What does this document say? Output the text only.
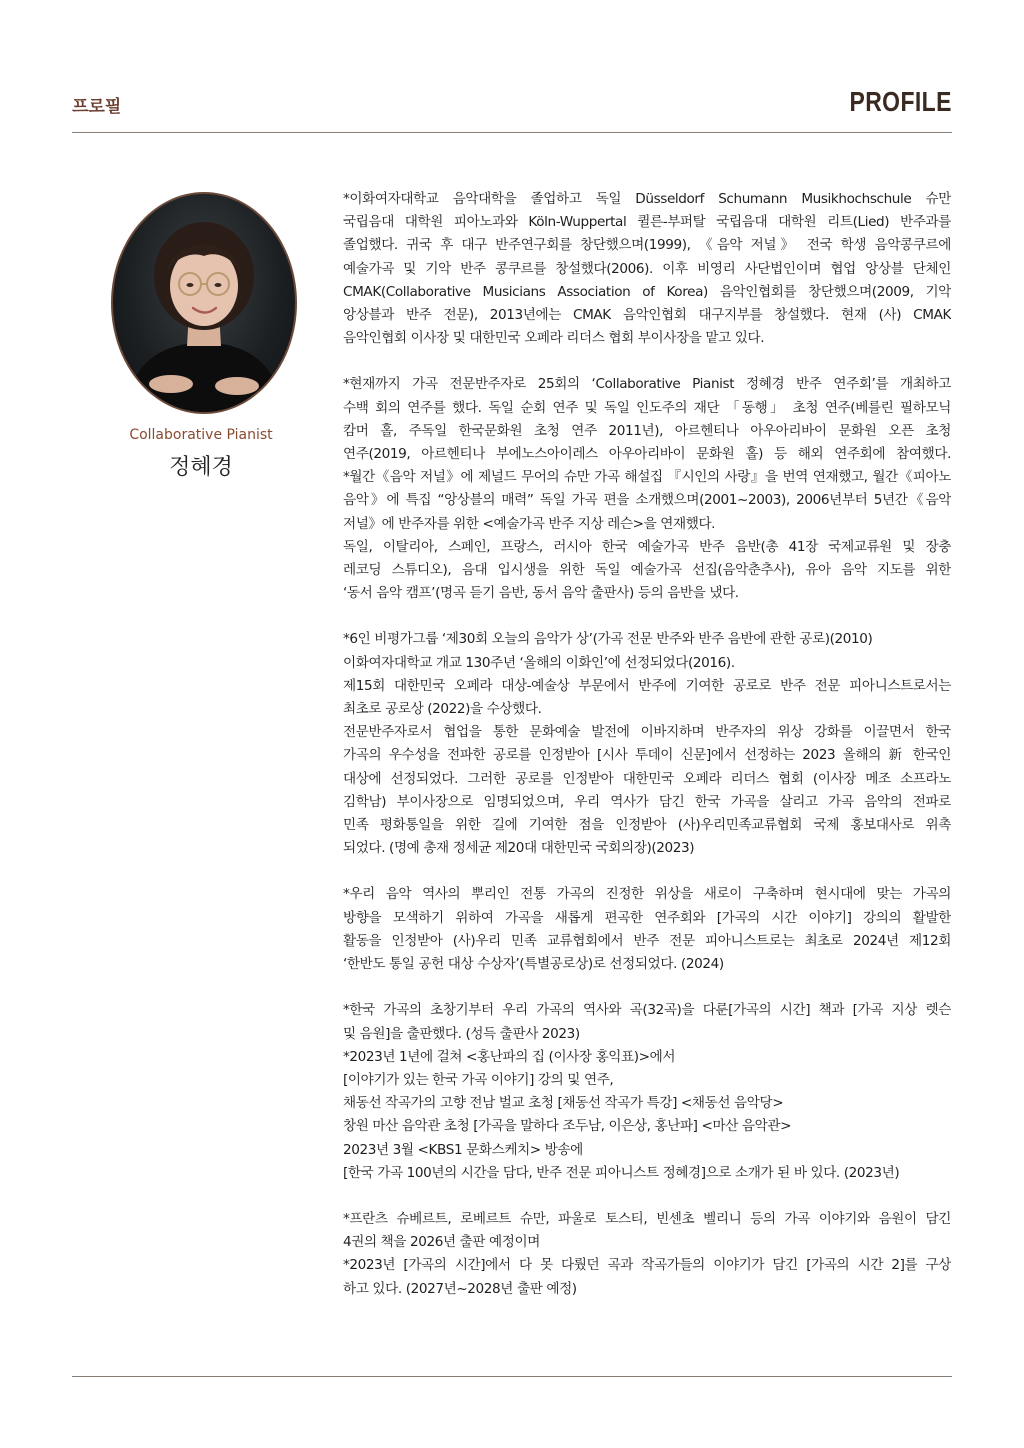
프로필	PROFILE
Collaborative Pianist
정혜경
*이화여자대학교 음악대학을 졸업하고 독일 Düsseldorf Schumann Musikhochschule 슈만
국립음대 대학원 피아노과와 Köln-Wuppertal 퀼른-부퍼탈 국립음대 대학원 리트(Lied) 반주과를
졸업했다. 귀국 후 대구 반주연구회를 창단했으며(1999), 《음악 저널》 전국 학생 음악콩쿠르에
예술가곡 및 기악 반주 콩쿠르를 창설했다(2006). 이후 비영리 사단법인이며 협업 앙상블 단체인
CMAK(Collaborative Musicians Association of Korea) 음악인협회를 창단했으며(2009, 기악
앙상블과 반주 전문), 2013년에는 CMAK 음악인협회 대구지부를 창설했다. 현재 (사) CMAK
음악인협회 이사장 및 대한민국 오페라 리더스 협회 부이사장을 맡고 있다.
*현재까지 가곡 전문반주자로 25회의 ‘Collaborative Pianist 정혜경 반주 연주회’를 개최하고
수백 회의 연주를 했다. 독일 순회 연주 및 독일 인도주의 재단 「동행」 초청 연주(베를린 필하모닉
캄머 홀, 주독일 한국문화원 초청 연주 2011년), 아르헨티나 아우아리바이 문화원 오픈 초청
연주(2019, 아르헨티나 부에노스아이레스 아우아리바이 문화원 홀) 등 해외 연주회에 참여했다.
*월간《음악 저널》에 제널드 무어의 슈만 가곡 해설집 『시인의 사랑』을 번역 연재했고, 월간《피아노
음악》에 특집 “앙상블의 매력” 독일 가곡 편을 소개했으며(2001~2003), 2006년부터 5년간《음악
저널》에 반주자를 위한 <예술가곡 반주 지상 레슨>을 연재했다.
독일, 이탈리아, 스페인, 프랑스, 러시아 한국 예술가곡 반주 음반(총 41장 국제교류원 및 장충
레코딩 스튜디오), 음대 입시생을 위한 독일 예술가곡 선집(음악춘추사), 유아 음악 지도를 위한
‘동서 음악 캠프’(명곡 듣기 음반, 동서 음악 출판사) 등의 음반을 냈다.
*6인 비평가그룹 ‘제30회 오늘의 음악가 상’(가곡 전문 반주와 반주 음반에 관한 공로)(2010)
이화여자대학교 개교 130주년 ‘올해의 이화인’에 선정되었다(2016).
제15회 대한민국 오페라 대상-예술상 부문에서 반주에 기여한 공로로 반주 전문 피아니스트로서는
최초로 공로상 (2022)을 수상했다.
전문반주자로서 협업을 통한 문화예술 발전에 이바지하며 반주자의 위상 강화를 이끌면서 한국
가곡의 우수성을 전파한 공로를 인정받아 [시사 투데이 신문]에서 선정하는 2023 올해의 新 한국인
대상에 선정되었다. 그러한 공로를 인정받아 대한민국 오페라 리더스 협회 (이사장 메조 소프라노
김학남) 부이사장으로 임명되었으며, 우리 역사가 담긴 한국 가곡을 살리고 가곡 음악의 전파로
민족 평화통일을 위한 길에 기여한 점을 인정받아 (사)우리민족교류협회 국제 홍보대사로 위촉
되었다. (명예 총재 정세균 제20대 대한민국 국회의장)(2023)
*우리 음악 역사의 뿌리인 전통 가곡의 진정한 위상을 새로이 구축하며 현시대에 맞는 가곡의
방향을 모색하기 위하여 가곡을 새롭게 편곡한 연주회와 [가곡의 시간 이야기] 강의의 활발한
활동을 인정받아 (사)우리 민족 교류협회에서 반주 전문 피아니스트로는 최초로 2024년 제12회
‘한반도 통일 공헌 대상 수상자’(특별공로상)로 선정되었다. (2024)
*한국 가곡의 초창기부터 우리 가곡의 역사와 곡(32곡)을 다룬[가곡의 시간] 책과 [가곡 지상 렛슨
및 음원]을 출판했다. (성득 출판사 2023)
*2023년 1년에 걸쳐 <홍난파의 집 (이사장 홍익표)>에서
[이야기가 있는 한국 가곡 이야기] 강의 및 연주,
채동선 작곡가의 고향 전남 벌교 초청 [채동선 작곡가 특강] <채동선 음악당>
창원 마산 음악관 초청 [가곡을 말하다 조두남, 이은상, 홍난파] <마산 음악관>
2023년 3월 <KBS1 문화스케치> 방송에
[한국 가곡 100년의 시간을 담다, 반주 전문 피아니스트 정혜경]으로 소개가 된 바 있다. (2023년)
*프란츠 슈베르트, 로베르트 슈만, 파울로 토스티, 빈센초 벨리니 등의 가곡 이야기와 음원이 담긴
4권의 책을 2026년 출판 예정이며
*2023년 [가곡의 시간]에서 다 못 다뤘던 곡과 작곡가들의 이야기가 담긴 [가곡의 시간 2]를 구상
하고 있다. (2027년~2028년 출판 예정)
